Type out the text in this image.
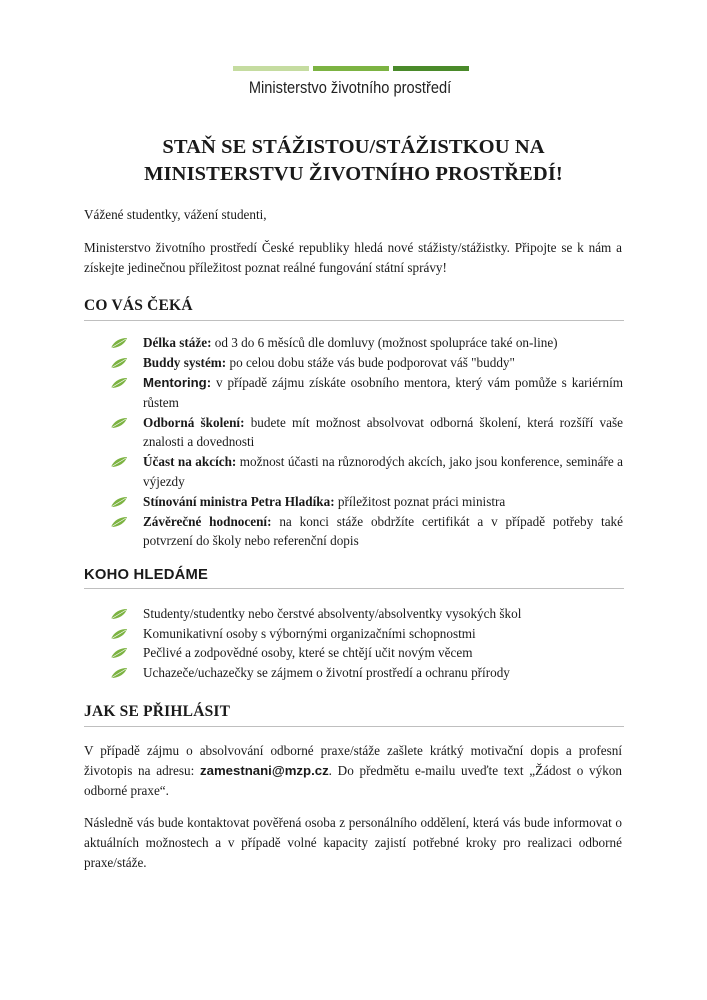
Ministerstvo životního prostředí
STAŇ SE STÁŽISTOU/STÁŽISTKOU NA
MINISTERSTVU ŽIVOTNÍHO PROSTŘEDÍ!
Vážené studentky, vážení studenti,
Ministerstvo životního prostředí České republiky hledá nové stážisty/stážistky. Připojte se k nám a získejte jedinečnou příležitost poznat reálné fungování státní správy!
CO VÁS ČEKÁ
Délka stáže: od 3 do 6 měsíců dle domluvy (možnost spolupráce také on-line)
Buddy systém: po celou dobu stáže vás bude podporovat váš "buddy"
Mentoring: v případě zájmu získáte osobního mentora, který vám pomůže s kariérním růstem
Odborná školení: budete mít možnost absolvovat odborná školení, která rozšíří vaše znalosti a dovednosti
Účast na akcích: možnost účasti na různorodých akcích, jako jsou konference, semináře a výjezdy
Stínování ministra Petra Hladíka: příležitost poznat práci ministra
Závěrečné hodnocení: na konci stáže obdržíte certifikát a v případě potřeby také potvrzení do školy nebo referenční dopis
KOHO HLEDÁME
Studenty/studentky nebo čerstvé absolventy/absolventky vysokých škol
Komunikativní osoby s výbornými organizačními schopnostmi
Pečlivé a zodpovědné osoby, které se chtějí učit novým věcem
Uchazeče/uchazečky se zájmem o životní prostředí a ochranu přírody
JAK SE PŘIHLÁSIT
V případě zájmu o absolvování odborné praxe/stáže zašlete krátký motivační dopis a profesní životopis na adresu: zamestnani@mzp.cz. Do předmětu e-mailu uveďte text „Žádost o výkon odborné praxe“.
Následně vás bude kontaktovat pověřená osoba z personálního oddělení, která vás bude informovat o aktuálních možnostech a v případě volné kapacity zajistí potřebné kroky pro realizaci odborné praxe/stáže.
